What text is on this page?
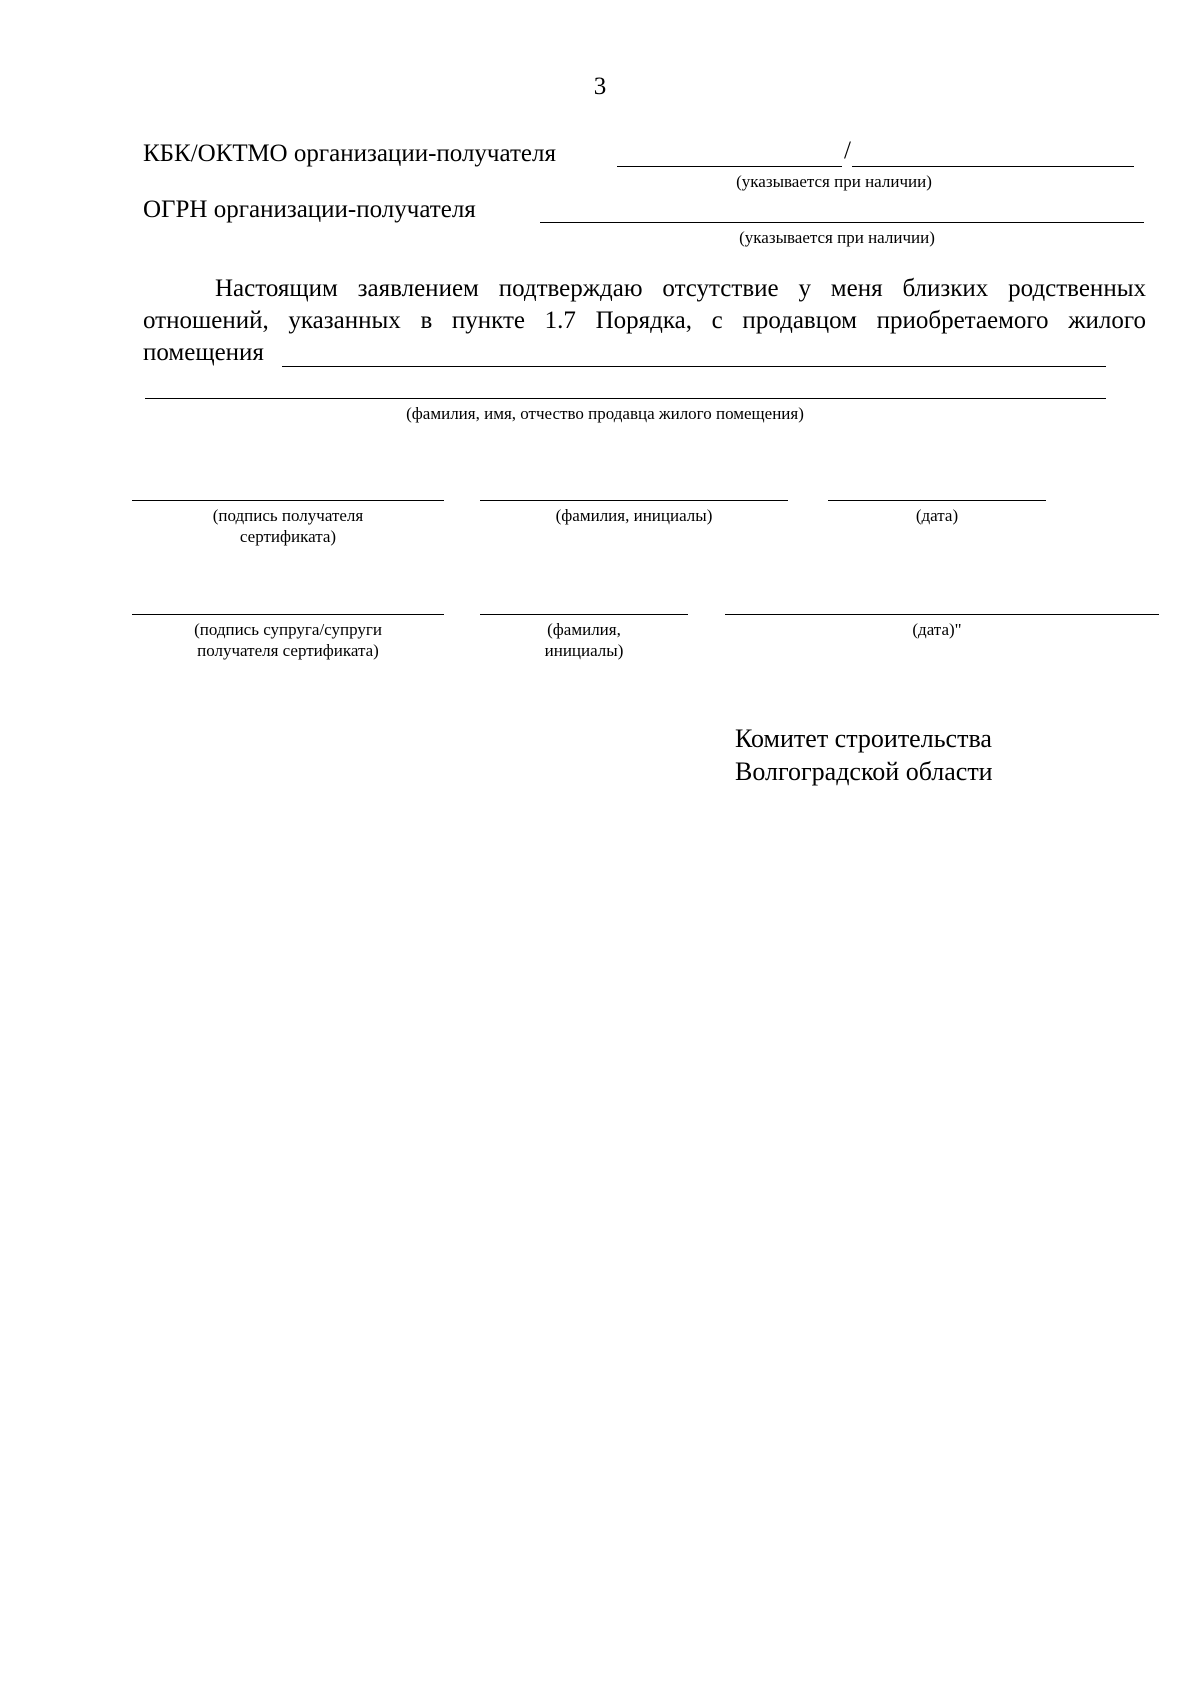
3
КБК/ОКТМО организации-получателя	/
(указывается при наличии)
ОГРН организации-получателя
(указывается при наличии)
Настоящим заявлением подтверждаю отсутствие у меня близких родственных
отношений, указанных в пункте 1.7 Порядка, с продавцом приобретаемого жилого
помещения
(фамилия, имя, отчество продавца жилого помещения)
(подпись получателя
сертификата)
(фамилия, инициалы)	(дата)
(подпись супруга/супруги
получателя сертификата)
(фамилия,
инициалы)
(дата)"
Комитет строительства
Волгоградской области
